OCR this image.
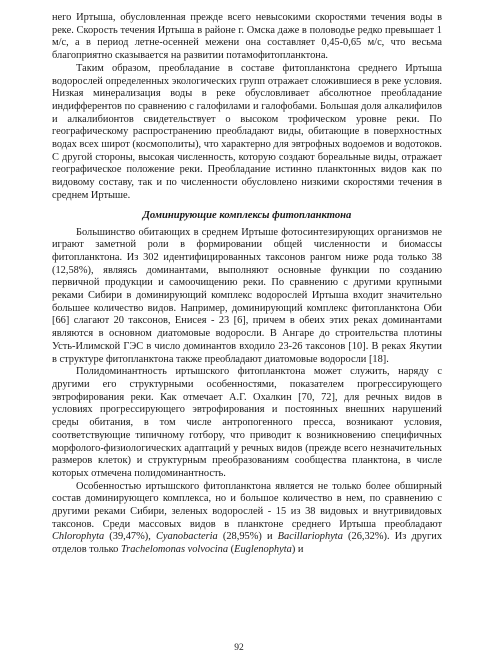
него Иртыша, обусловленная прежде всего невысокими скоростями течения воды в реке. Скорость течения Иртыша в районе г. Омска даже в половодье редко превышает 1 м/с, а в период летне-осенней межени она составляет 0,45-0,65 м/с, что весьма благоприятно сказывается на развитии потамофитопланктона.

Таким образом, преобладание в составе фитопланктона среднего Иртыша водорослей определенных экологических групп отражает сложившиеся в реке условия. Низкая минерализация воды в реке обусловливает абсолютное преобладание индифферентов по сравнению с галофилами и галофобами. Большая доля алкалифилов и алкалибионтов свидетельствует о высоком трофическом уровне реки. По географическому распространению преобладают виды, обитающие в поверхностных водах всех широт (космополиты), что характерно для эвтрофных водоемов и водотоков. С другой стороны, высокая численность, которую создают бореальные виды, отражает географическое положение реки. Преобладание истинно планктонных видов как по видовому составу, так и по численности обусловлено низкими скоростями течения в среднем Иртыше.

Доминирующие комплексы фитопланктона

Большинство обитающих в среднем Иртыше фотосинтезирующих организмов не играют заметной роли в формировании общей численности и биомассы фитопланктона. Из 302 идентифицированных таксонов рангом ниже рода только 38 (12,58%), являясь доминантами, выполняют основные функции по созданию первичной продукции и самоочищению реки. По сравнению с другими крупными реками Сибири в доминирующий комплекс водорослей Иртыша входит значительно большее количество видов. Например, доминирующий комплекс фитопланктона Оби [66] слагают 20 таксонов, Енисея - 23 [6], причем в обеих этих реках доминантами являются в основном диатомовые водоросли. В Ангаре до строительства плотины Усть-Илимской ГЭС в число доминантов входило 23-26 таксонов [10]. В реках Якутии в структуре фитопланктона также преобладают диатомовые водоросли [18].

Полидоминантность иртышского фитопланктона может служить, наряду с другими его структурными особенностями, показателем прогрессирующего эвтрофирования реки. Как отмечает А.Г. Охалкин [70, 72], для речных видов в условиях прогрессирующего эвтрофирования и постоянных внешних нарушений среды обитания, в том числе антропогенного пресса, возникают условия, соответствующие типичному готбору, что приводит к возникновению специфичных морфолого-физиологических адаптаций у речных видов (прежде всего незначительных размеров клеток) и структурным преобразованиям сообщества планктона, в числе которых отмечена полидоминантность.

Особенностью иртышского фитопланктона является не только более обширный состав доминирующего комплекса, но и большое количество в нем, по сравнению с другими реками Сибири, зеленых водорослей - 15 из 38 видовых и внутривидовых таксонов. Среди массовых видов в планктоне среднего Иртыша преобладают Chlorophyta (39,47%), Cyanobacteria (28,95%) и Bacillariophyta (26,32%). Из других отделов только Trachelomonas volvocina (Euglenophyta) и

92
